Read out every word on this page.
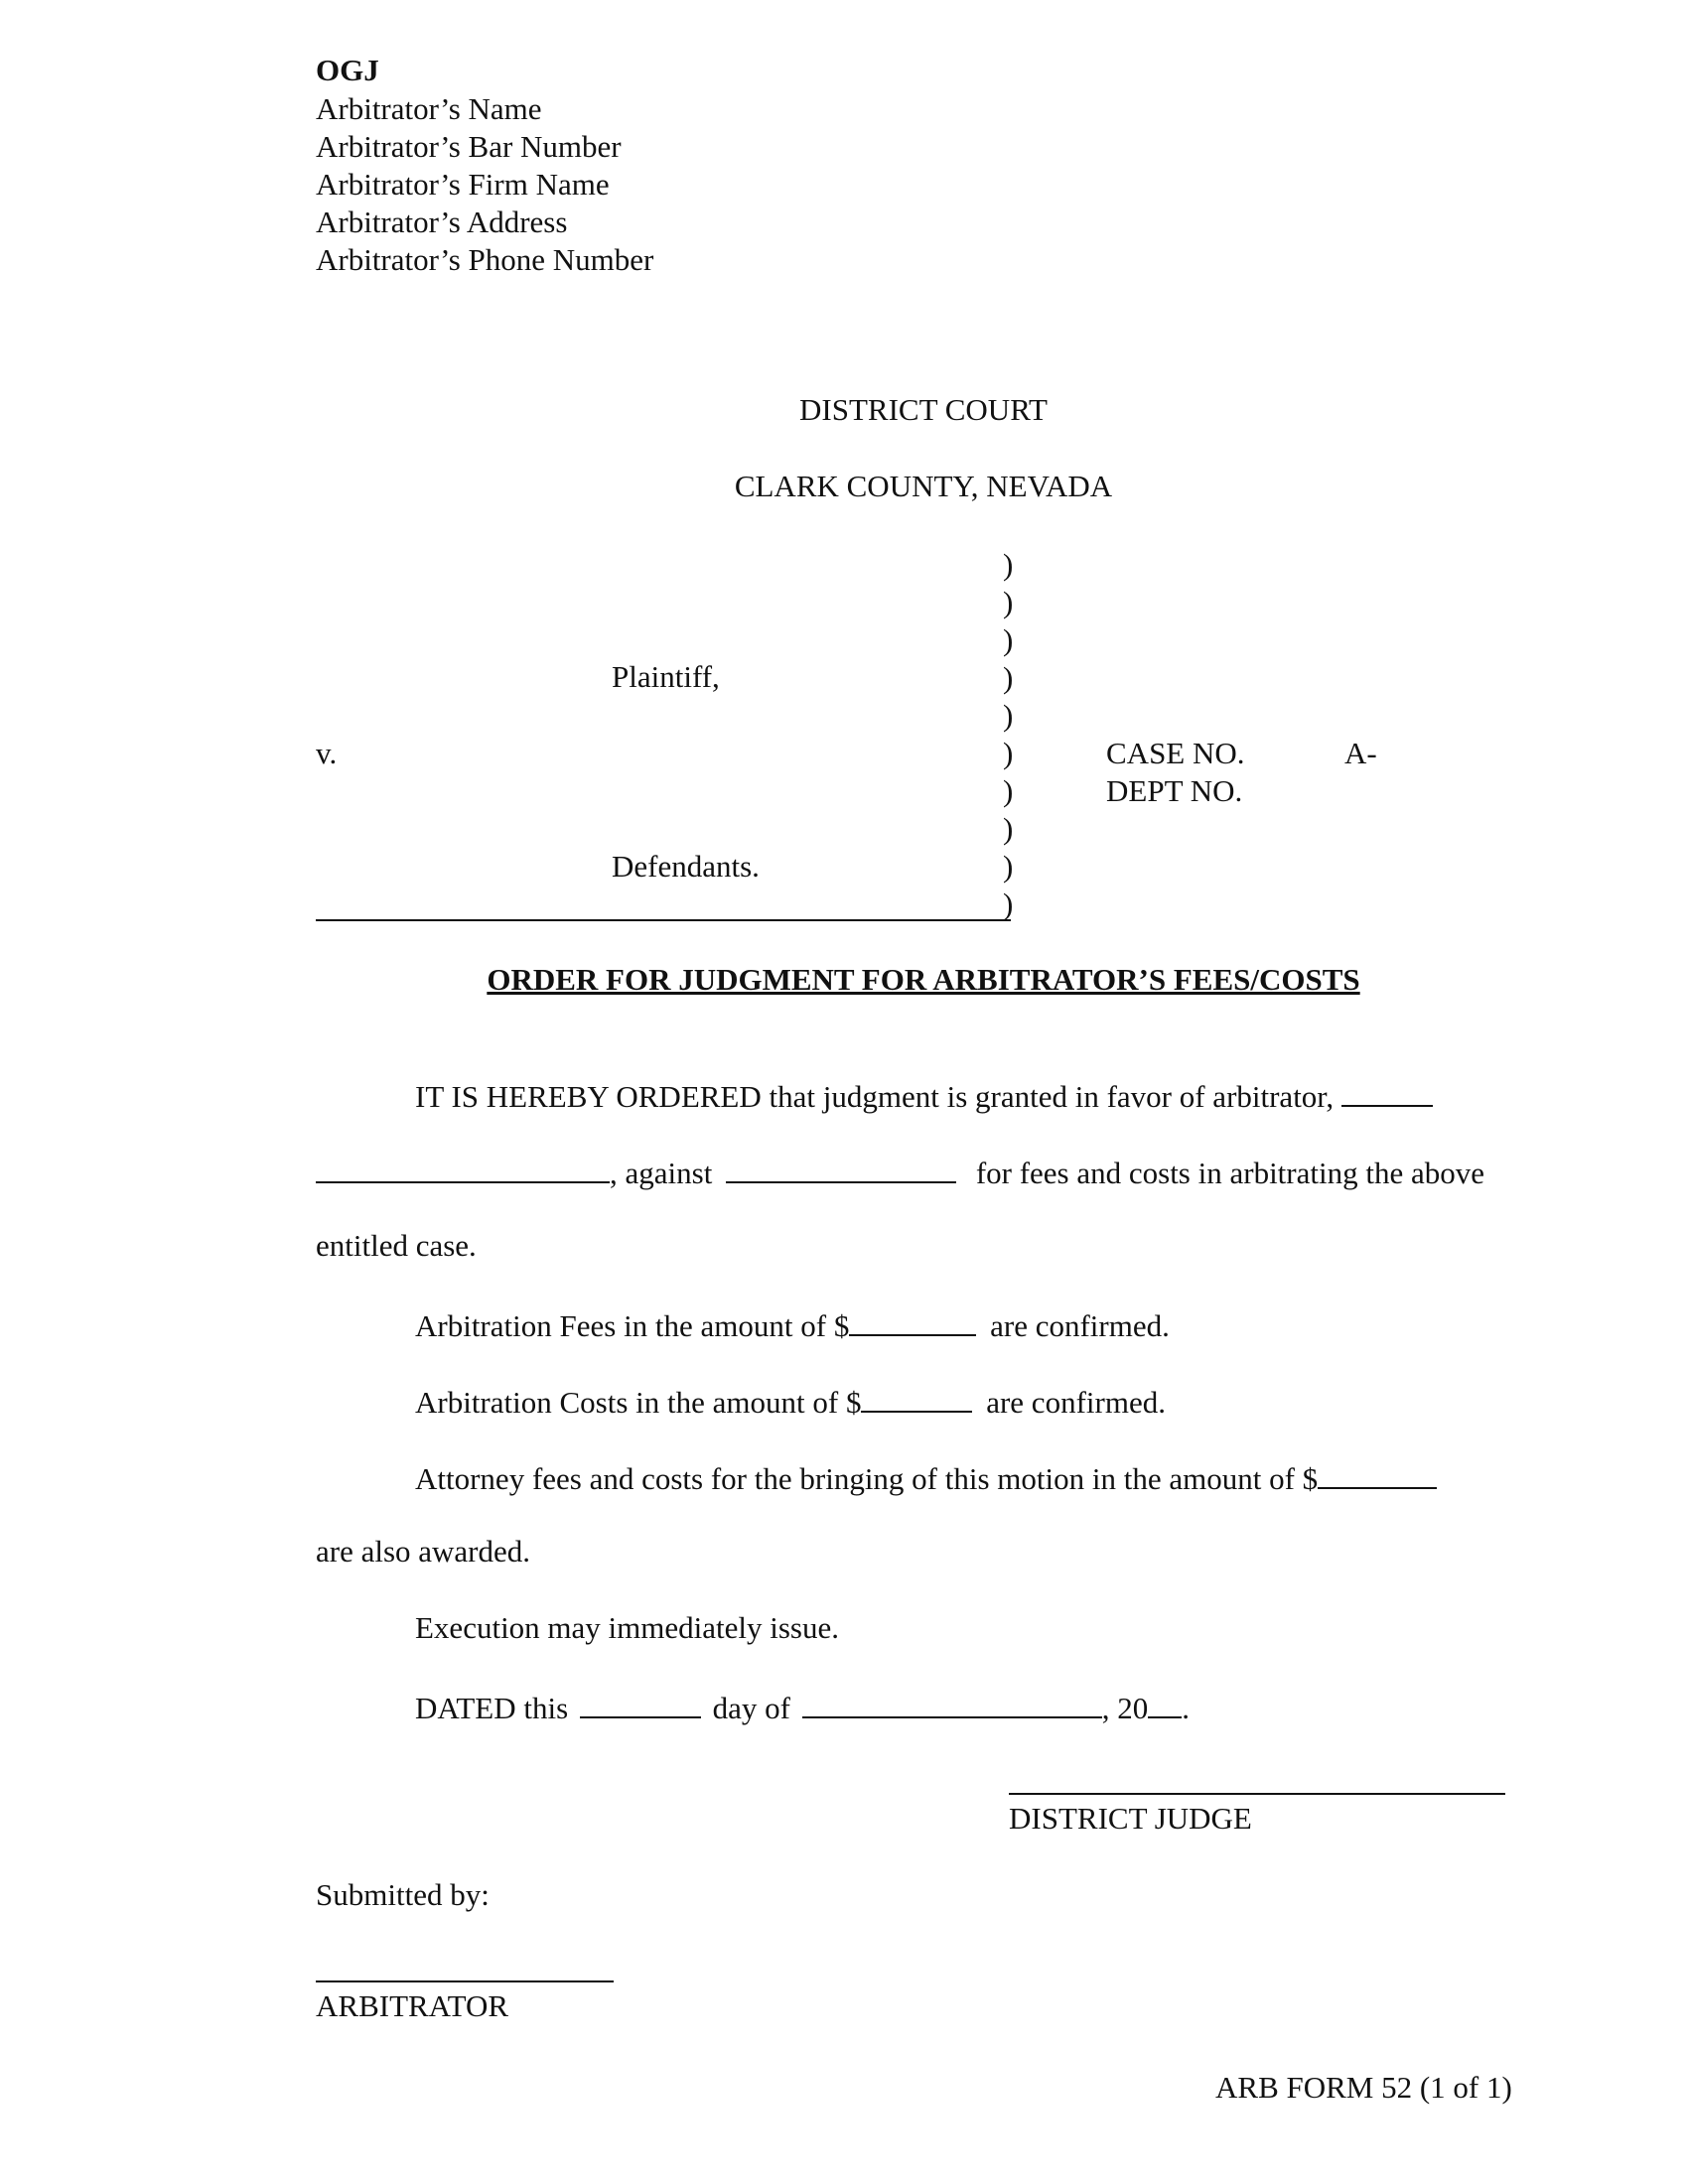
OGJ
Arbitrator’s Name
Arbitrator’s Bar Number
Arbitrator’s Firm Name
Arbitrator’s Address
Arbitrator’s Phone Number
DISTRICT COURT
CLARK COUNTY, NEVADA
)
)
)
)
)
)
)
)
)
)
Plaintiff,
v.
Defendants.
CASE NO.	A-
DEPT NO.
ORDER FOR JUDGMENT FOR ARBITRATOR’S FEES/COSTS
IT IS HEREBY ORDERED that judgment is granted in favor of arbitrator,
, against	for fees and costs in arbitrating the above
entitled case.
Arbitration Fees in the amount of $	are confirmed.
Arbitration Costs in the amount of $	are confirmed.
Attorney fees and costs for the bringing of this motion in the amount of $
are also awarded.
Execution may immediately issue.
DATED this	day of	, 20 .
DISTRICT JUDGE
Submitted by:
ARBITRATOR
ARB FORM 52 (1 of 1)
